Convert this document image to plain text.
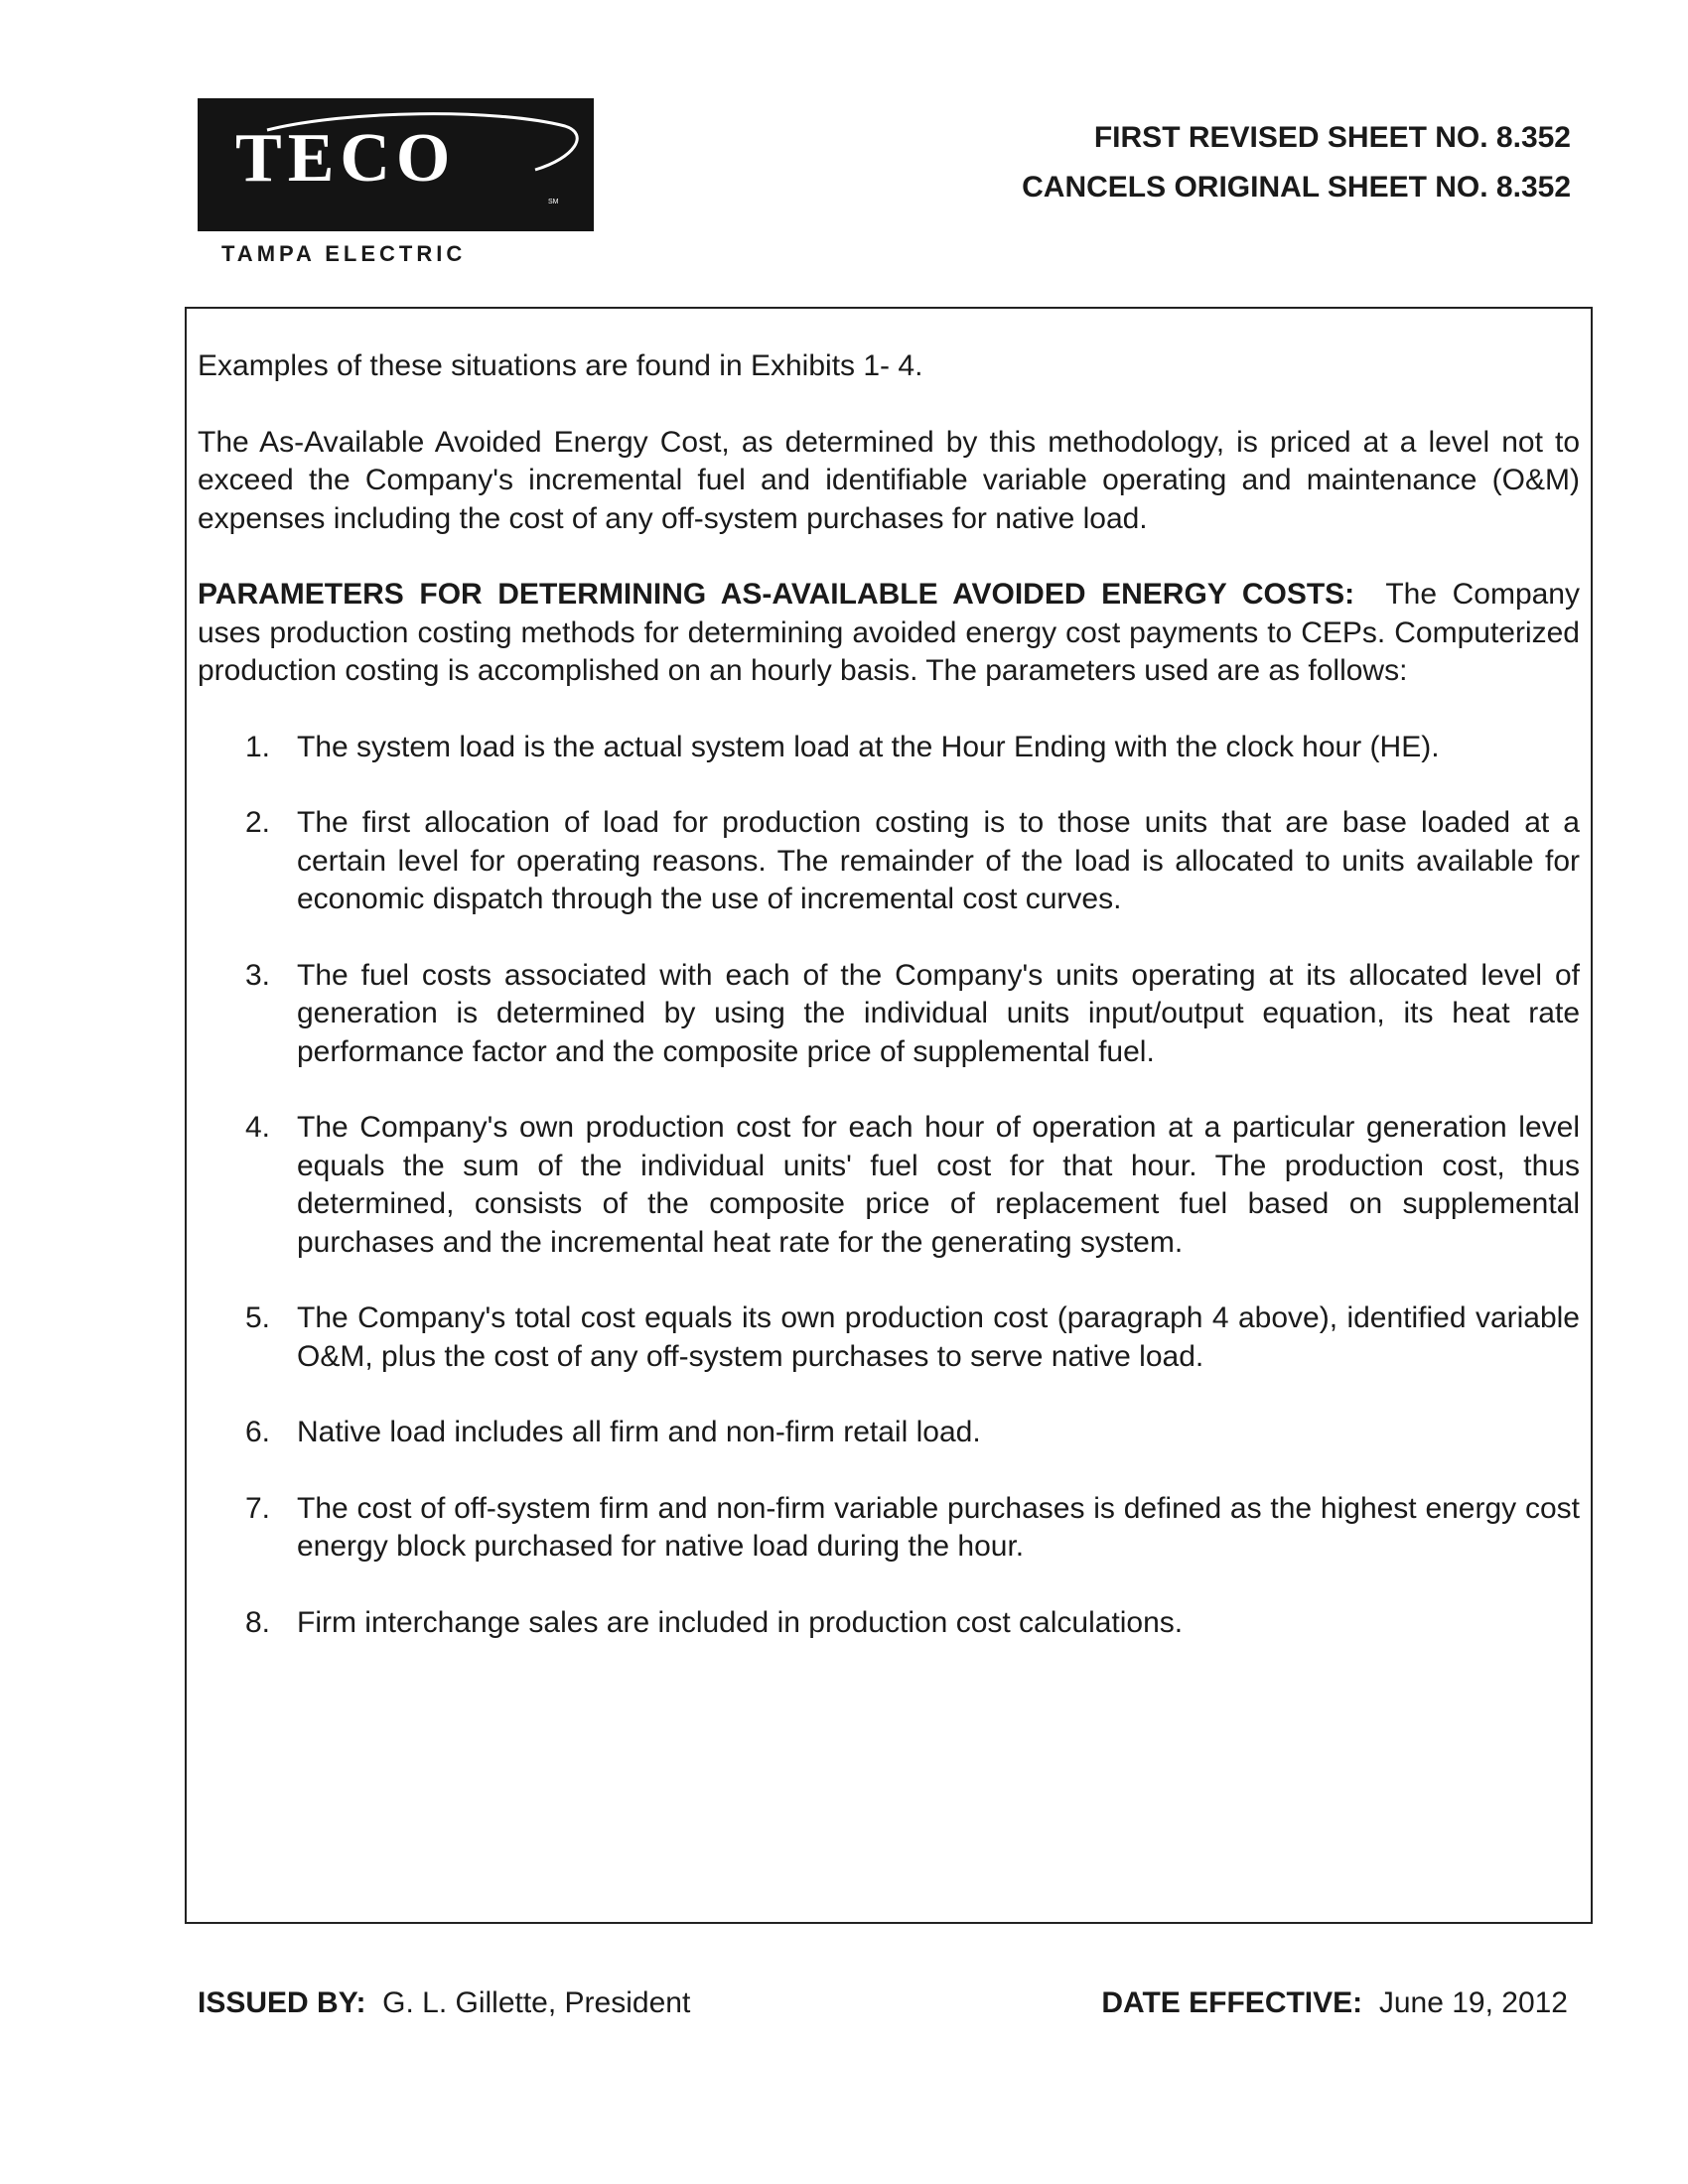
TECO
SM
TAMPA ELECTRIC
FIRST REVISED SHEET NO. 8.352
CANCELS ORIGINAL SHEET NO. 8.352

Examples of these situations are found in Exhibits 1- 4.

The As-Available Avoided Energy Cost, as determined by this methodology, is priced at a level not to exceed the Company's incremental fuel and identifiable variable operating and maintenance (O&M) expenses including the cost of any off-system purchases for native load.

PARAMETERS FOR DETERMINING AS-AVAILABLE AVOIDED ENERGY COSTS: The Company uses production costing methods for determining avoided energy cost payments to CEPs. Computerized production costing is accomplished on an hourly basis. The parameters used are as follows:

1. The system load is the actual system load at the Hour Ending with the clock hour (HE).
2. The first allocation of load for production costing is to those units that are base loaded at a certain level for operating reasons. The remainder of the load is allocated to units available for economic dispatch through the use of incremental cost curves.
3. The fuel costs associated with each of the Company's units operating at its allocated level of generation is determined by using the individual units input/output equation, its heat rate performance factor and the composite price of supplemental fuel.
4. The Company's own production cost for each hour of operation at a particular generation level equals the sum of the individual units' fuel cost for that hour. The production cost, thus determined, consists of the composite price of replacement fuel based on supplemental purchases and the incremental heat rate for the generating system.
5. The Company's total cost equals its own production cost (paragraph 4 above), identified variable O&M, plus the cost of any off-system purchases to serve native load.
6. Native load includes all firm and non-firm retail load.
7. The cost of off-system firm and non-firm variable purchases is defined as the highest energy cost energy block purchased for native load during the hour.
8. Firm interchange sales are included in production cost calculations.
ISSUED BY: G. L. Gillette, President	DATE EFFECTIVE: June 19, 2012
